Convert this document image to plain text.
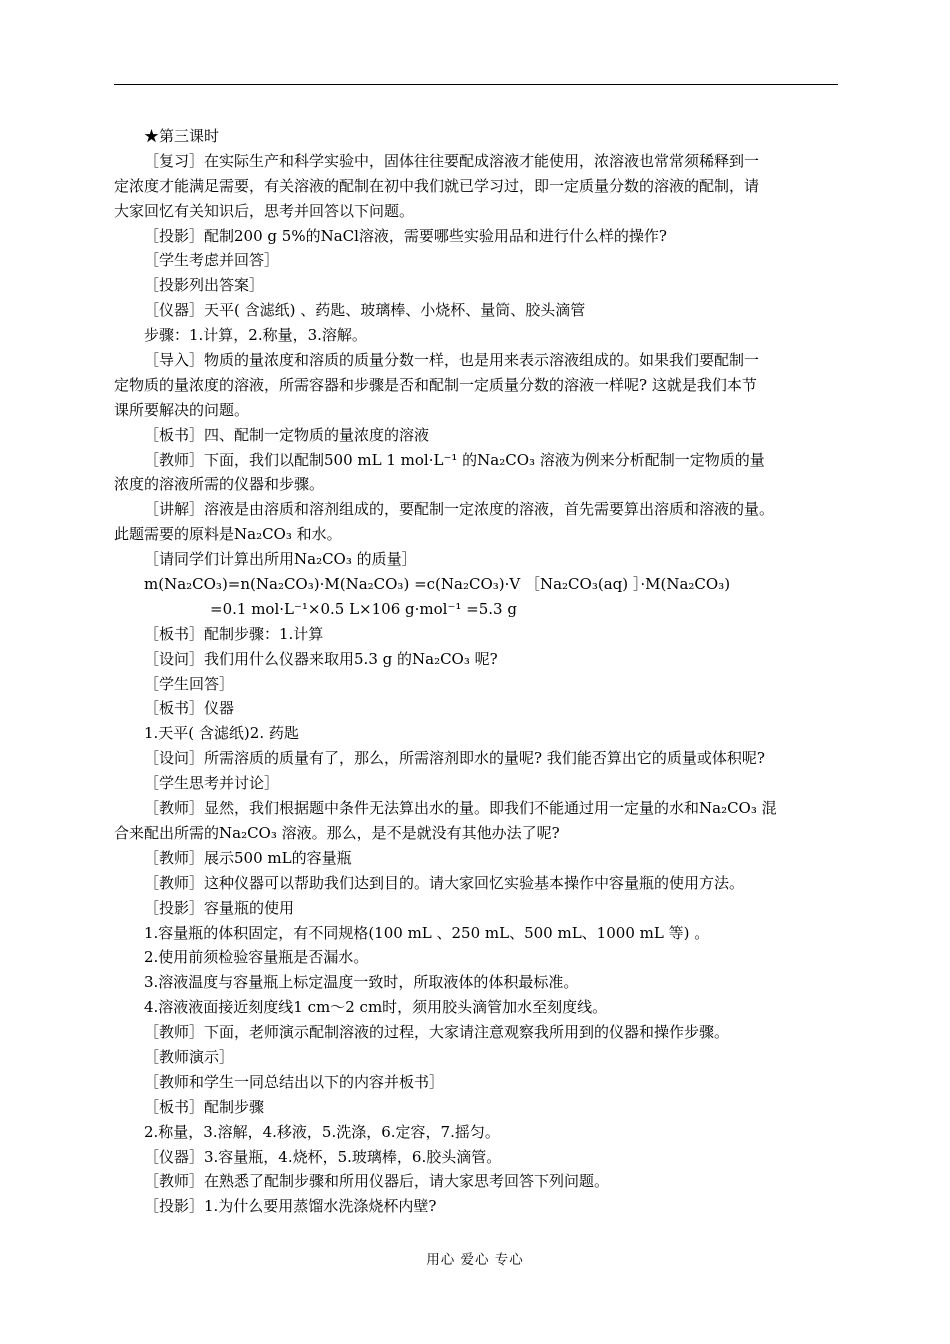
★第三课时
［复习］在实际生产和科学实验中，固体往往要配成溶液才能使用，浓溶液也常常须稀释到一
定浓度才能满足需要，有关溶液的配制在初中我们就已学习过，即一定质量分数的溶液的配制，请
大家回忆有关知识后，思考并回答以下问题。
［投影］配制200 g 5%的NaCl溶液，需要哪些实验用品和进行什么样的操作?
［学生考虑并回答］
［投影列出答案］
［仪器］天平( 含滤纸) 、药匙、玻璃棒、小烧杯、量筒、胶头滴管
步骤：1.计算，2.称量，3.溶解。
［导入］物质的量浓度和溶质的质量分数一样，也是用来表示溶液组成的。如果我们要配制一
定物质的量浓度的溶液，所需容器和步骤是否和配制一定质量分数的溶液一样呢? 这就是我们本节
课所要解决的问题。
［板书］四、配制一定物质的量浓度的溶液
［教师］下面，我们以配制500 mL 1 mol·L⁻¹ 的Na₂CO₃ 溶液为例来分析配制一定物质的量
浓度的溶液所需的仪器和步骤。
［讲解］溶液是由溶质和溶剂组成的，要配制一定浓度的溶液，首先需要算出溶质和溶液的量。
此题需要的原料是Na₂CO₃ 和水。
［请同学们计算出所用Na₂CO₃ 的质量］
m(Na₂CO₃)=n(Na₂CO₃)·M(Na₂CO₃) =c(Na₂CO₃)·V ［Na₂CO₃(aq) ］·M(Na₂CO₃)
=0.1 mol·L⁻¹×0.5 L×106 g·mol⁻¹ =5.3 g
［板书］配制步骤：1.计算
［设问］我们用什么仪器来取用5.3 g 的Na₂CO₃ 呢?
［学生回答］
［板书］仪器
1.天平( 含滤纸)2. 药匙
［设问］所需溶质的质量有了，那么，所需溶剂即水的量呢? 我们能否算出它的质量或体积呢?
［学生思考并讨论］
［教师］显然，我们根据题中条件无法算出水的量。即我们不能通过用一定量的水和Na₂CO₃ 混
合来配出所需的Na₂CO₃ 溶液。那么，是不是就没有其他办法了呢?
［教师］展示500 mL的容量瓶
［教师］这种仪器可以帮助我们达到目的。请大家回忆实验基本操作中容量瓶的使用方法。
［投影］容量瓶的使用
1.容量瓶的体积固定，有不同规格(100 mL 、250 mL、500 mL、1000 mL 等) 。
2.使用前须检验容量瓶是否漏水。
3.溶液温度与容量瓶上标定温度一致时，所取液体的体积最标准。
4.溶液液面接近刻度线1 cm～2 cm时，须用胶头滴管加水至刻度线。
［教师］下面，老师演示配制溶液的过程，大家请注意观察我所用到的仪器和操作步骤。
［教师演示］
［教师和学生一同总结出以下的内容并板书］
［板书］配制步骤
2.称量，3.溶解，4.移液，5.洗涤，6.定容，7.摇匀。
［仪器］3.容量瓶，4.烧杯，5.玻璃棒，6.胶头滴管。
［教师］在熟悉了配制步骤和所用仪器后，请大家思考回答下列问题。
［投影］1.为什么要用蒸馏水洗涤烧杯内壁?
用心 爱心 专心
